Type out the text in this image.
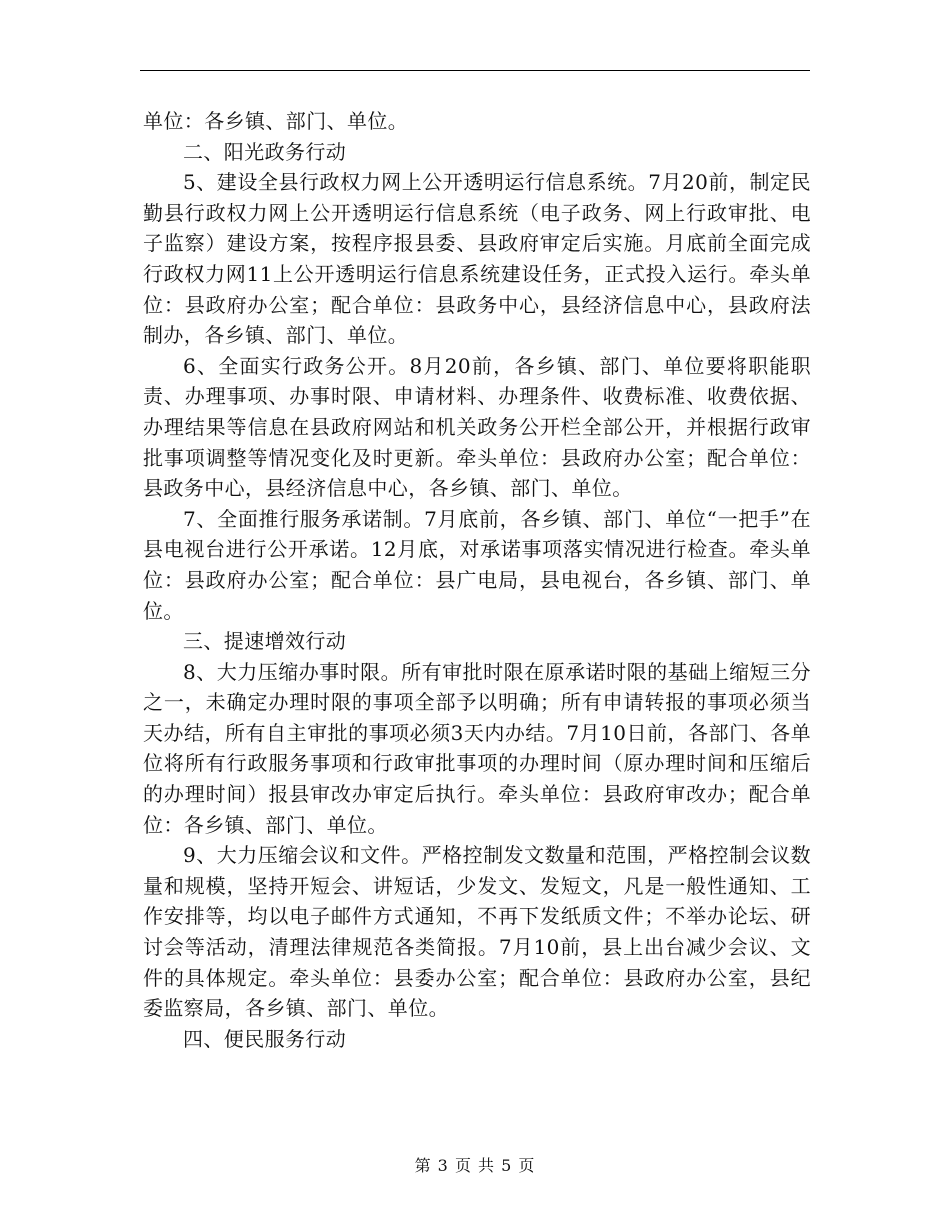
单位：各乡镇、部门、单位。

二、阳光政务行动

5、建设全县行政权力网上公开透明运行信息系统。7月20前，制定民勤县行政权力网上公开透明运行信息系统（电子政务、网上行政审批、电子监察）建设方案，按程序报县委、县政府审定后实施。月底前全面完成行政权力网11上公开透明运行信息系统建设任务，正式投入运行。牵头单位：县政府办公室；配合单位：县政务中心，县经济信息中心，县政府法制办，各乡镇、部门、单位。

6、全面实行政务公开。8月20前，各乡镇、部门、单位要将职能职责、办理事项、办事时限、申请材料、办理条件、收费标准、收费依据、办理结果等信息在县政府网站和机关政务公开栏全部公开，并根据行政审批事项调整等情况变化及时更新。牵头单位：县政府办公室；配合单位：县政务中心，县经济信息中心，各乡镇、部门、单位。

7、全面推行服务承诺制。7月底前，各乡镇、部门、单位“一把手”在县电视台进行公开承诺。12月底，对承诺事项落实情况进行检查。牵头单位：县政府办公室；配合单位：县广电局，县电视台，各乡镇、部门、单位。

三、提速增效行动

8、大力压缩办事时限。所有审批时限在原承诺时限的基础上缩短三分之一，未确定办理时限的事项全部予以明确；所有申请转报的事项必须当天办结，所有自主审批的事项必须3天内办结。7月10日前，各部门、各单位将所有行政服务事项和行政审批事项的办理时间（原办理时间和压缩后的办理时间）报县审改办审定后执行。牵头单位：县政府审改办；配合单位：各乡镇、部门、单位。

9、大力压缩会议和文件。严格控制发文数量和范围，严格控制会议数量和规模，坚持开短会、讲短话，少发文、发短文，凡是一般性通知、工作安排等，均以电子邮件方式通知，不再下发纸质文件；不举办论坛、研讨会等活动，清理法律规范各类简报。7月10前，县上出台减少会议、文件的具体规定。牵头单位：县委办公室；配合单位：县政府办公室，县纪委监察局，各乡镇、部门、单位。

四、便民服务行动

第 3 页 共 5 页
